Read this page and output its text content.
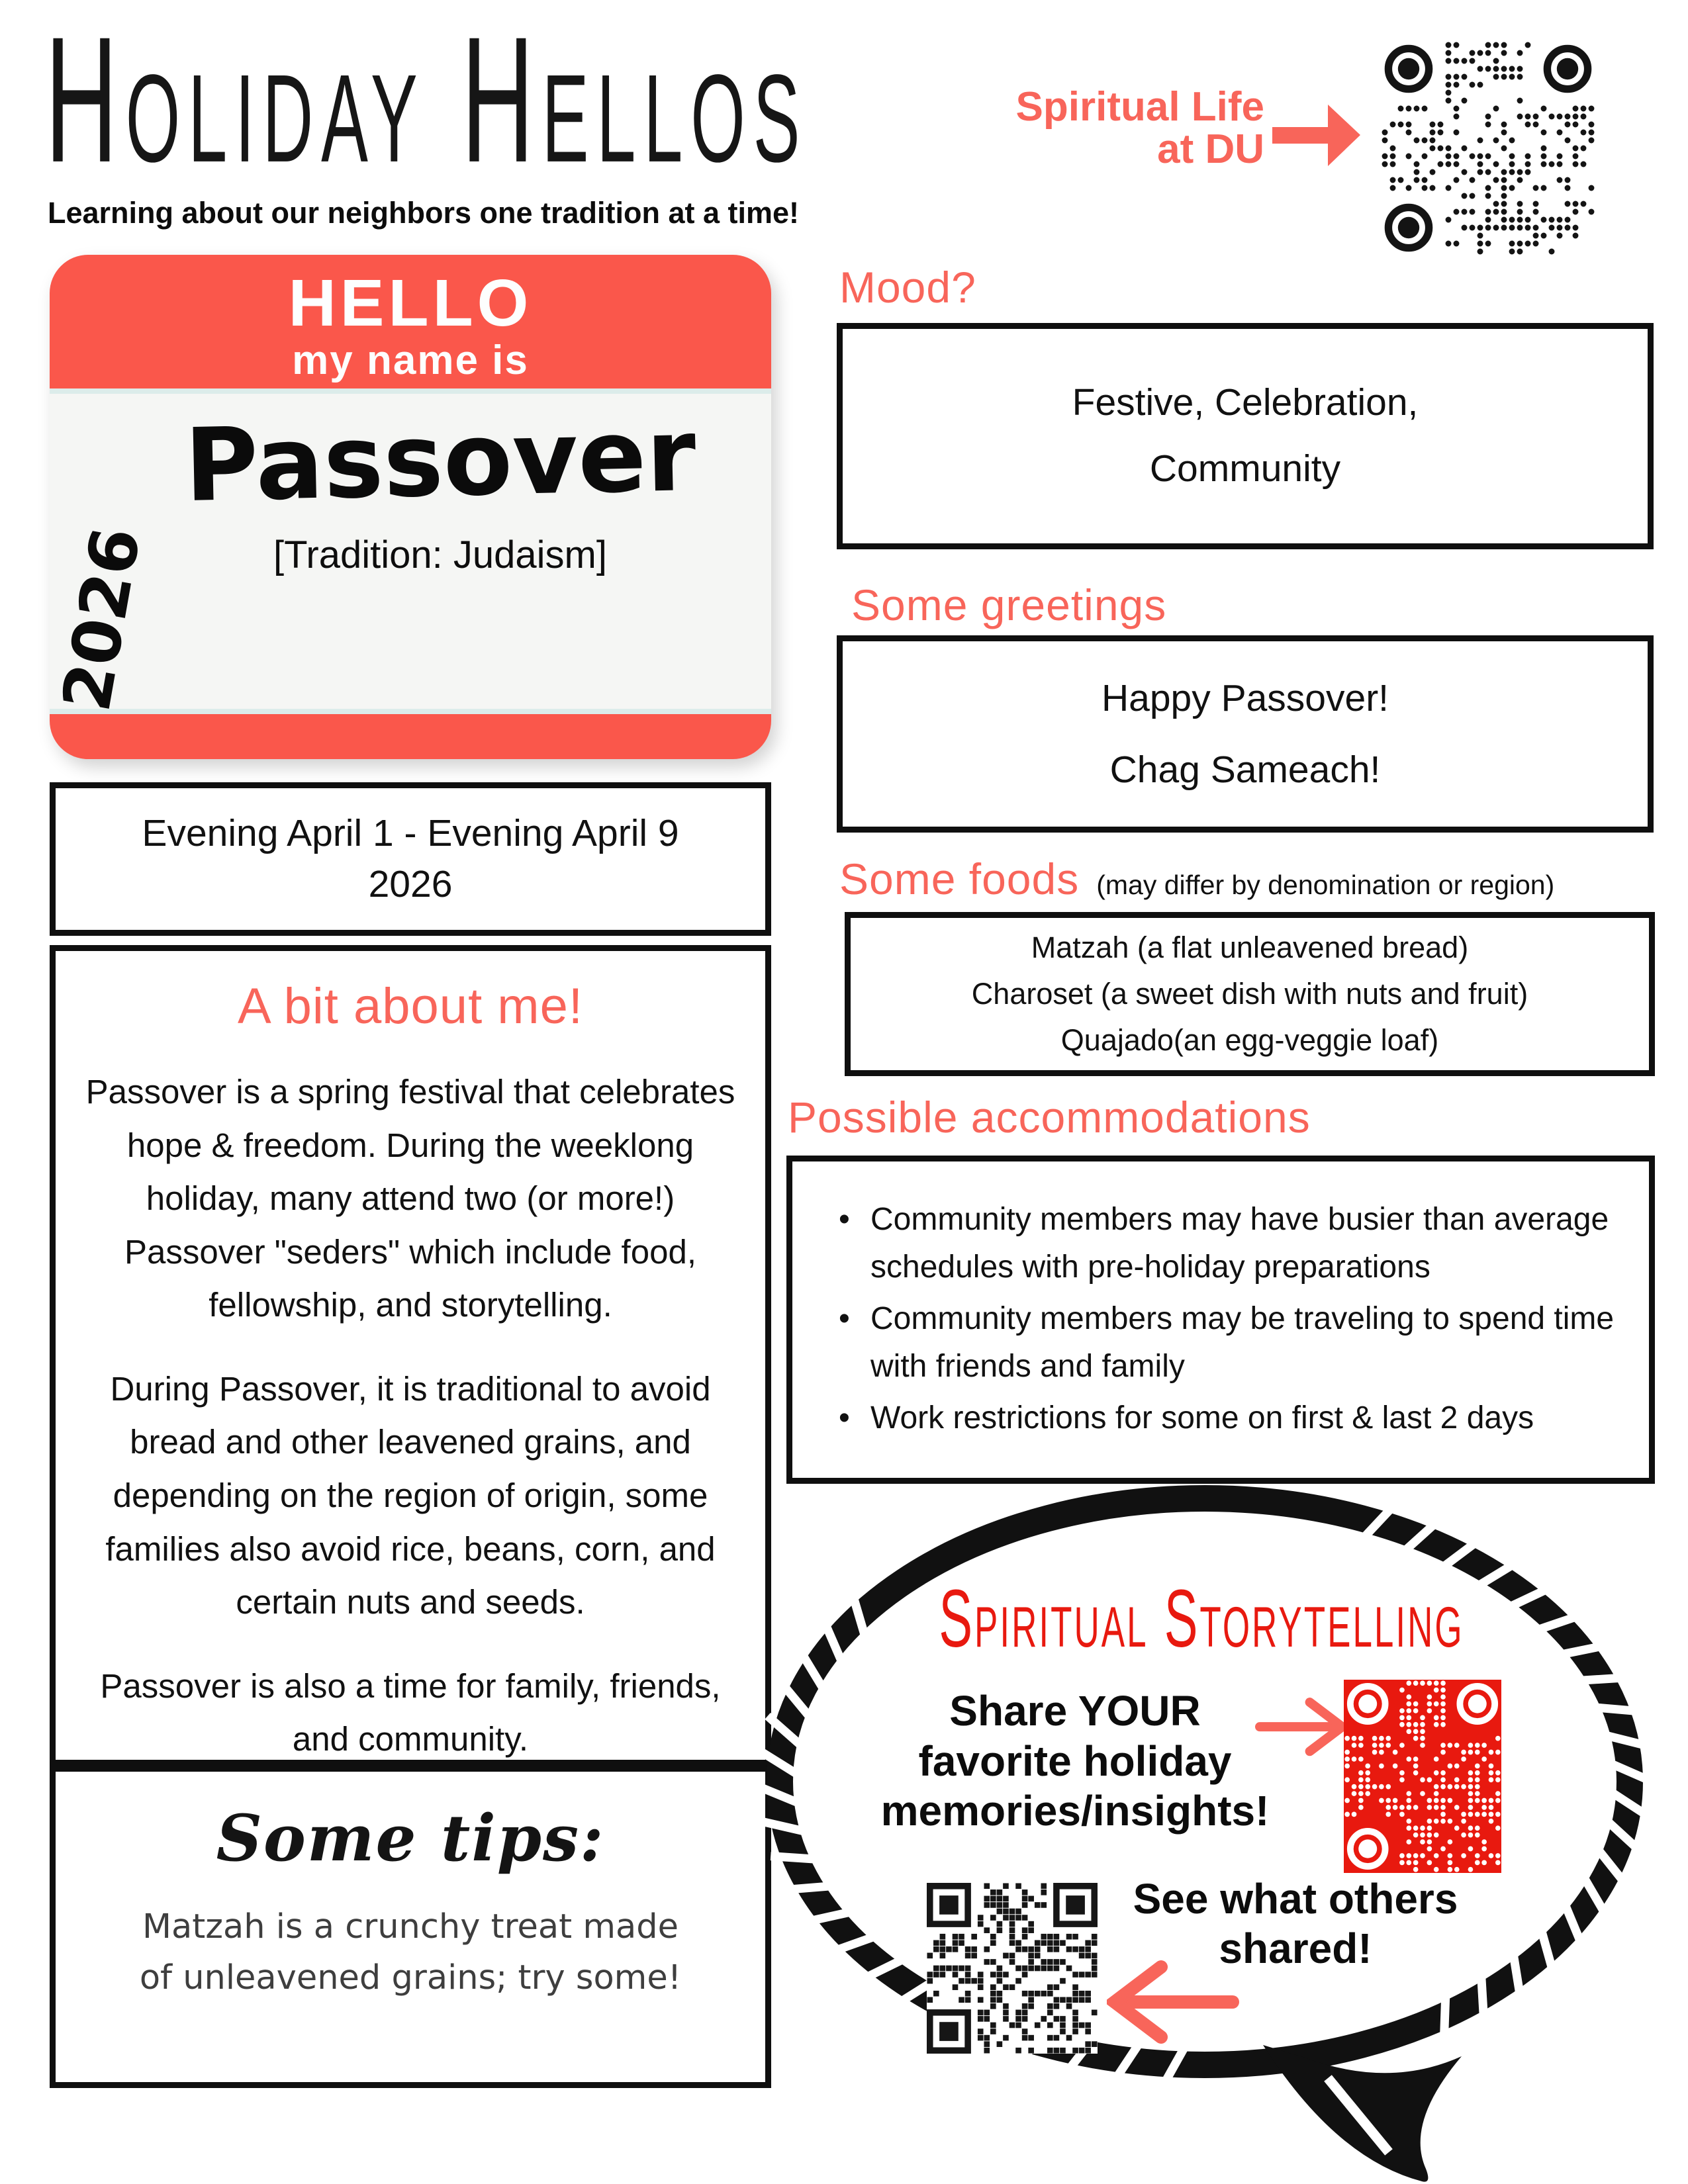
Holiday Hellos
Learning about our neighbors one tradition at a time!
Spiritual Life
at DU
HELLO
my name is
Passover
[Tradition: Judaism]
2026
Evening April 1 - Evening April 9
2026
A bit about me!

Passover is a spring festival that celebrates hope & freedom. During the weeklong holiday, many attend two (or more!) Passover "seders" which include food, fellowship, and storytelling.

During Passover, it is traditional to avoid bread and other leavened grains, and depending on the region of origin, some families also avoid rice, beans, corn, and certain nuts and seeds.

Passover is also a time for family, friends, and community.

Some tips:
Matzah is a crunchy treat made of unleavened grains; try some!
Mood?
Festive, Celebration,
Community
Some greetings
Happy Passover!
Chag Sameach!
Some foods (may differ by denomination or region)
Matzah (a flat unleavened bread)
Charoset (a sweet dish with nuts and fruit)
Quajado(an egg-veggie loaf)
Possible accommodations
• Community members may have busier than average schedules with pre-holiday preparations
• Community members may be traveling to spend time with friends and family
• Work restrictions for some on first & last 2 days
Spiritual Storytelling
Share YOUR
favorite holiday
memories/insights!
See what others
shared!
